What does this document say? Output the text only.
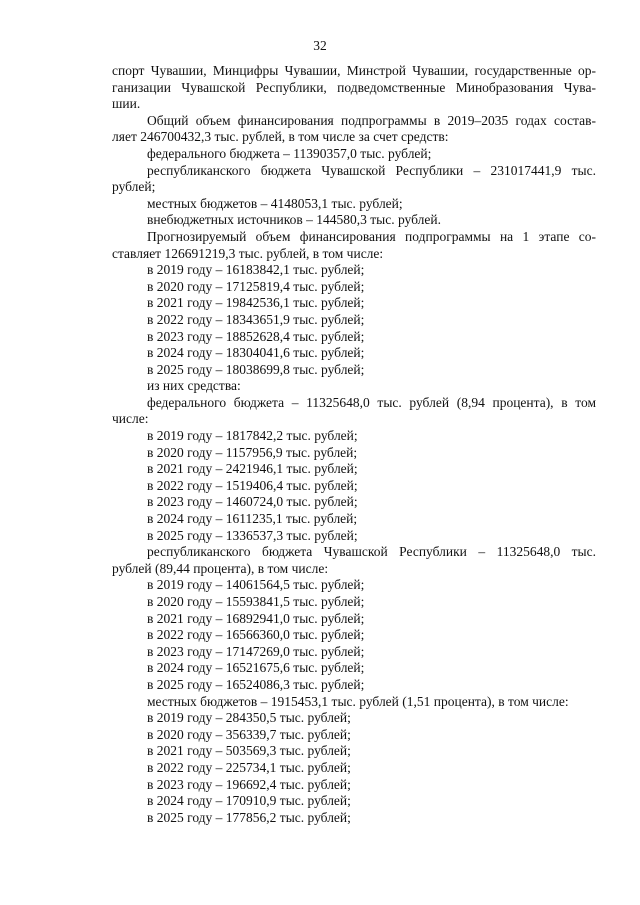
32
спорт Чувашии, Минцифры Чувашии, Минстрой Чувашии, государственные ор-
ганизации Чувашской Республики, подведомственные Минобразования Чува-
шии.
Общий объем финансирования подпрограммы в 2019–2035 годах состав-
ляет 246700432,3 тыс. рублей, в том числе за счет средств:
федерального бюджета – 11390357,0 тыс. рублей;
республиканского бюджета Чувашской Республики – 231017441,9 тыс.
рублей;
местных бюджетов – 4148053,1 тыс. рублей;
внебюджетных источников – 144580,3 тыс. рублей.
Прогнозируемый объем финансирования подпрограммы на 1 этапе со-
ставляет 126691219,3 тыс. рублей, в том числе:
в 2019 году – 16183842,1 тыс. рублей;
в 2020 году – 17125819,4 тыс. рублей;
в 2021 году – 19842536,1 тыс. рублей;
в 2022 году – 18343651,9 тыс. рублей;
в 2023 году – 18852628,4 тыс. рублей;
в 2024 году – 18304041,6 тыс. рублей;
в 2025 году – 18038699,8 тыс. рублей;
из них средства:
федерального бюджета – 11325648,0 тыс. рублей (8,94 процента), в том
числе:
в 2019 году – 1817842,2 тыс. рублей;
в 2020 году – 1157956,9 тыс. рублей;
в 2021 году – 2421946,1 тыс. рублей;
в 2022 году – 1519406,4 тыс. рублей;
в 2023 году – 1460724,0 тыс. рублей;
в 2024 году – 1611235,1 тыс. рублей;
в 2025 году – 1336537,3 тыс. рублей;
республиканского бюджета Чувашской Республики – 11325648,0 тыс.
рублей (89,44 процента), в том числе:
в 2019 году – 14061564,5 тыс. рублей;
в 2020 году – 15593841,5 тыс. рублей;
в 2021 году – 16892941,0 тыс. рублей;
в 2022 году – 16566360,0 тыс. рублей;
в 2023 году – 17147269,0 тыс. рублей;
в 2024 году – 16521675,6 тыс. рублей;
в 2025 году – 16524086,3 тыс. рублей;
местных бюджетов – 1915453,1 тыс. рублей (1,51 процента), в том числе:
в 2019 году – 284350,5 тыс. рублей;
в 2020 году – 356339,7 тыс. рублей;
в 2021 году – 503569,3 тыс. рублей;
в 2022 году – 225734,1 тыс. рублей;
в 2023 году – 196692,4 тыс. рублей;
в 2024 году – 170910,9 тыс. рублей;
в 2025 году – 177856,2 тыс. рублей;
